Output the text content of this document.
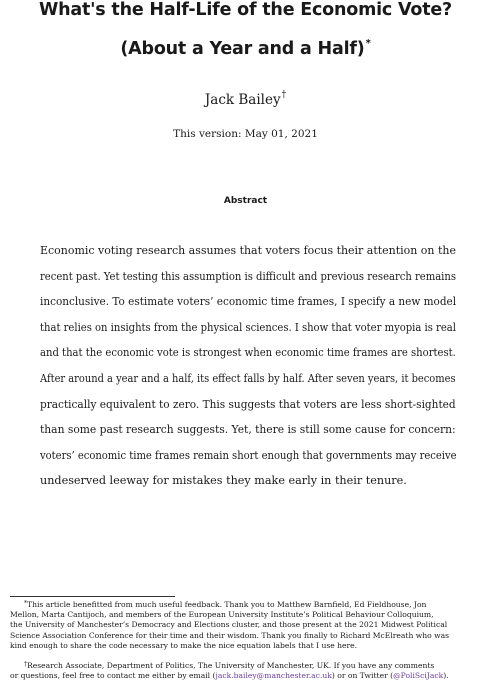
What's the Half-Life of the Economic Vote?
(About a Year and a Half)*
Jack Bailey†
This version: May 01, 2021
Abstract
Economic voting research assumes that voters focus their attention on the
recent past. Yet testing this assumption is difficult and previous research remains
inconclusive. To estimate voters’ economic time frames, I specify a new model
that relies on insights from the physical sciences. I show that voter myopia is real
and that the economic vote is strongest when economic time frames are shortest.
After around a year and a half, its effect falls by half. After seven years, it becomes
practically equivalent to zero. This suggests that voters are less short-sighted
than some past research suggests. Yet, there is still some cause for concern:
voters’ economic time frames remain short enough that governments may receive
undeserved leeway for mistakes they make early in their tenure.
*This article benefitted from much useful feedback. Thank you to Matthew Barnfield, Ed Fieldhouse, Jon
Mellon, Marta Cantijoch, and members of the European University Institute’s Political Behaviour Colloquium,
the University of Manchester’s Democracy and Elections cluster, and those present at the 2021 Midwest Political
Science Association Conference for their time and their wisdom. Thank you finally to Richard McElreath who was
kind enough to share the code necessary to make the nice equation labels that I use here.
†Research Associate, Department of Politics, The University of Manchester, UK. If you have any comments
or questions, feel free to contact me either by email (jack.bailey@manchester.ac.uk) or on Twitter (@PoliSciJack).
